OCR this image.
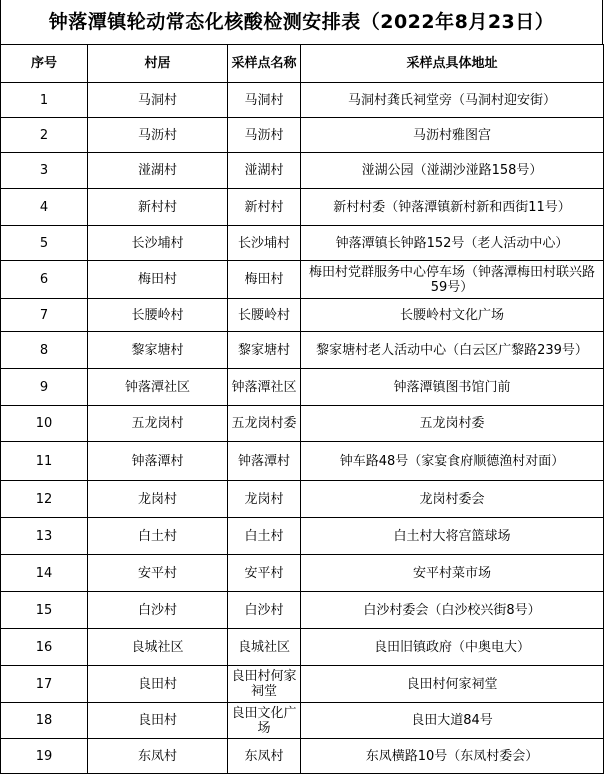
钟落潭镇轮动常态化核酸检测安排表（2022年8月23日）
序号	村居	采样点名称	采样点具体地址
1	马洞村	马洞村	马洞村龚氏祠堂旁（马洞村迎安街）
2	马沥村	马沥村	马沥村雅图宫
3	湴湖村	湴湖村	湴湖公园（湴湖沙湴路158号）
4	新村村	新村村	新村村委（钟落潭镇新村新和西街11号）
5	长沙埔村	长沙埔村	钟落潭镇长钟路152号（老人活动中心）
6	梅田村	梅田村	梅田村党群服务中心停车场（钟落潭梅田村联兴路59号）
7	长腰岭村	长腰岭村	长腰岭村文化广场
8	黎家塘村	黎家塘村	黎家塘村老人活动中心（白云区广黎路239号）
9	钟落潭社区	钟落潭社区	钟落潭镇图书馆门前
10	五龙岗村	五龙岗村委	五龙岗村委
11	钟落潭村	钟落潭村	钟车路48号（家宴食府顺德渔村对面）
12	龙岗村	龙岗村	龙岗村委会
13	白土村	白土村	白土村大将宫篮球场
14	安平村	安平村	安平村菜市场
15	白沙村	白沙村	白沙村委会（白沙校兴街8号）
16	良城社区	良城社区	良田旧镇政府（中奥电大）
17	良田村	良田村何家祠堂	良田村何家祠堂
18	良田村	良田文化广场	良田大道84号
19	东凤村	东凤村	东凤横路10号（东凤村委会）
